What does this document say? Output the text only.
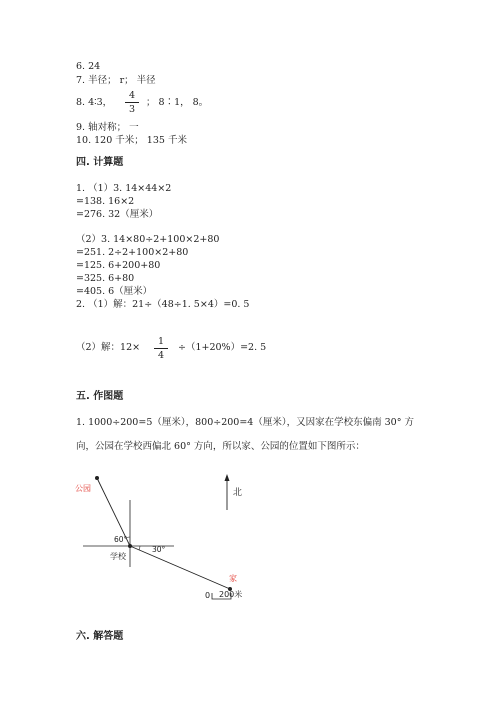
6. 24
7. 半径； r； 半径
8. 4∶3， $\frac{4}{3}$ ； 8∶1， 8。
9. 轴对称； 一
10. 120 千米； 135 千米
四. 计算题
1. （1）3. 14×44×2
=138. 16×2
=276. 32（厘米）
（2）3. 14×80÷2+100×2+80
=251. 2÷2+100×2+80
=125. 6+200+80
=325. 6+80
=405. 6（厘米）
2. （1）解：21÷（48÷1. 5×4）=0. 5
（2）解：$12\times \frac{1}{4} \div(1+20\%)=2$. 5
五. 作图题
1. 1000÷200=5（厘米），800÷200=4（厘米），又因家在学校东偏南 30° 方
向，公园在学校西偏北 60° 方向，所以家、公园的位置如下图所示：
北
公园
家
学校
60°
30°
0 200米
六. 解答题
